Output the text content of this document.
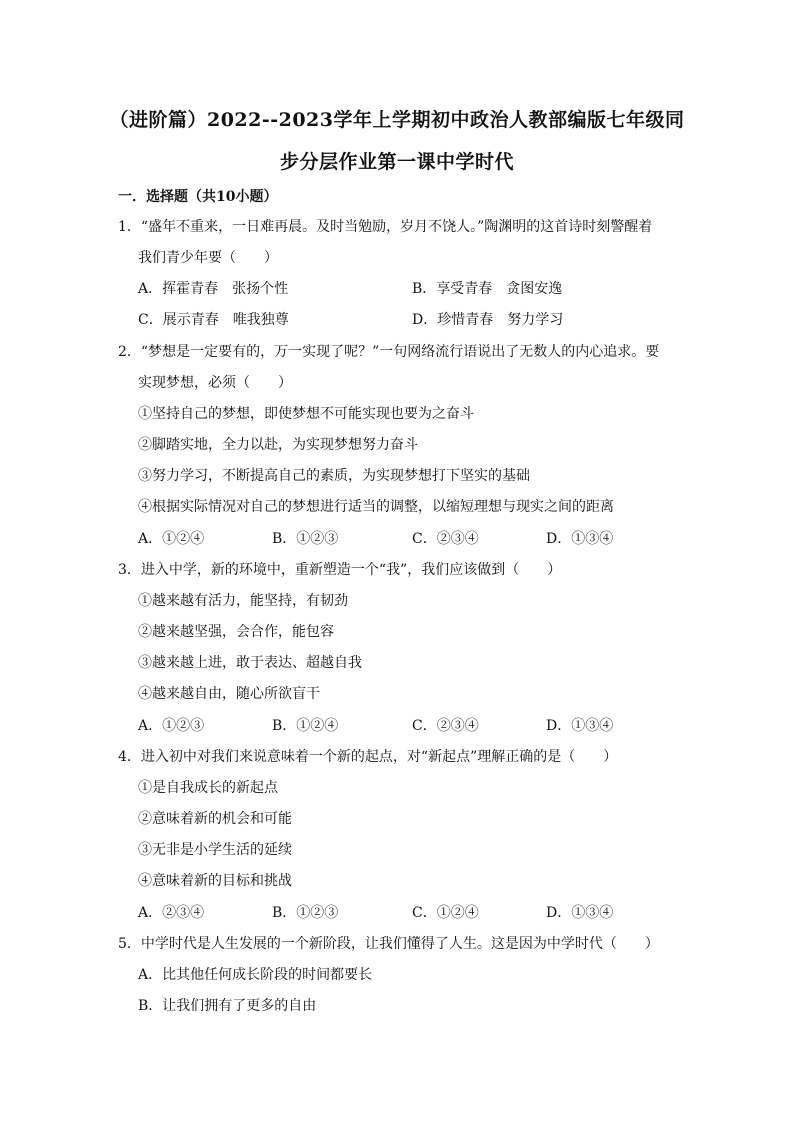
（进阶篇）2022--2023学年上学期初中政治人教部编版七年级同
步分层作业第一课中学时代
一．选择题（共10小题）
1．“盛年不重来，一日难再晨。及时当勉励，岁月不饶人。”陶渊明的这首诗时刻警醒着
我们青少年要（　　）
A．挥霍青春　张扬个性	B．享受青春　贪图安逸
C．展示青春　唯我独尊	D．珍惜青春　努力学习
2．“梦想是一定要有的，万一实现了呢？”一句网络流行语说出了无数人的内心追求。要
实现梦想，必须（　　）
①坚持自己的梦想，即使梦想不可能实现也要为之奋斗
②脚踏实地，全力以赴，为实现梦想努力奋斗
③努力学习，不断提高自己的素质，为实现梦想打下坚实的基础
④根据实际情况对自己的梦想进行适当的调整，以缩短理想与现实之间的距离
A．①②④	B．①②③	C．②③④	D．①③④
3．进入中学，新的环境中，重新塑造一个“我”，我们应该做到（　　）
①越来越有活力，能坚持，有韧劲
②越来越坚强，会合作，能包容
③越来越上进，敢于表达、超越自我
④越来越自由，随心所欲盲干
A．①②③	B．①②④	C．②③④	D．①③④
4．进入初中对我们来说意味着一个新的起点，对“新起点”理解正确的是（　　）
①是自我成长的新起点
②意味着新的机会和可能
③无非是小学生活的延续
④意味着新的目标和挑战
A．②③④	B．①②③	C．①②④	D．①③④
5．中学时代是人生发展的一个新阶段，让我们懂得了人生。这是因为中学时代（　　）
A．比其他任何成长阶段的时间都要长
B．让我们拥有了更多的自由
